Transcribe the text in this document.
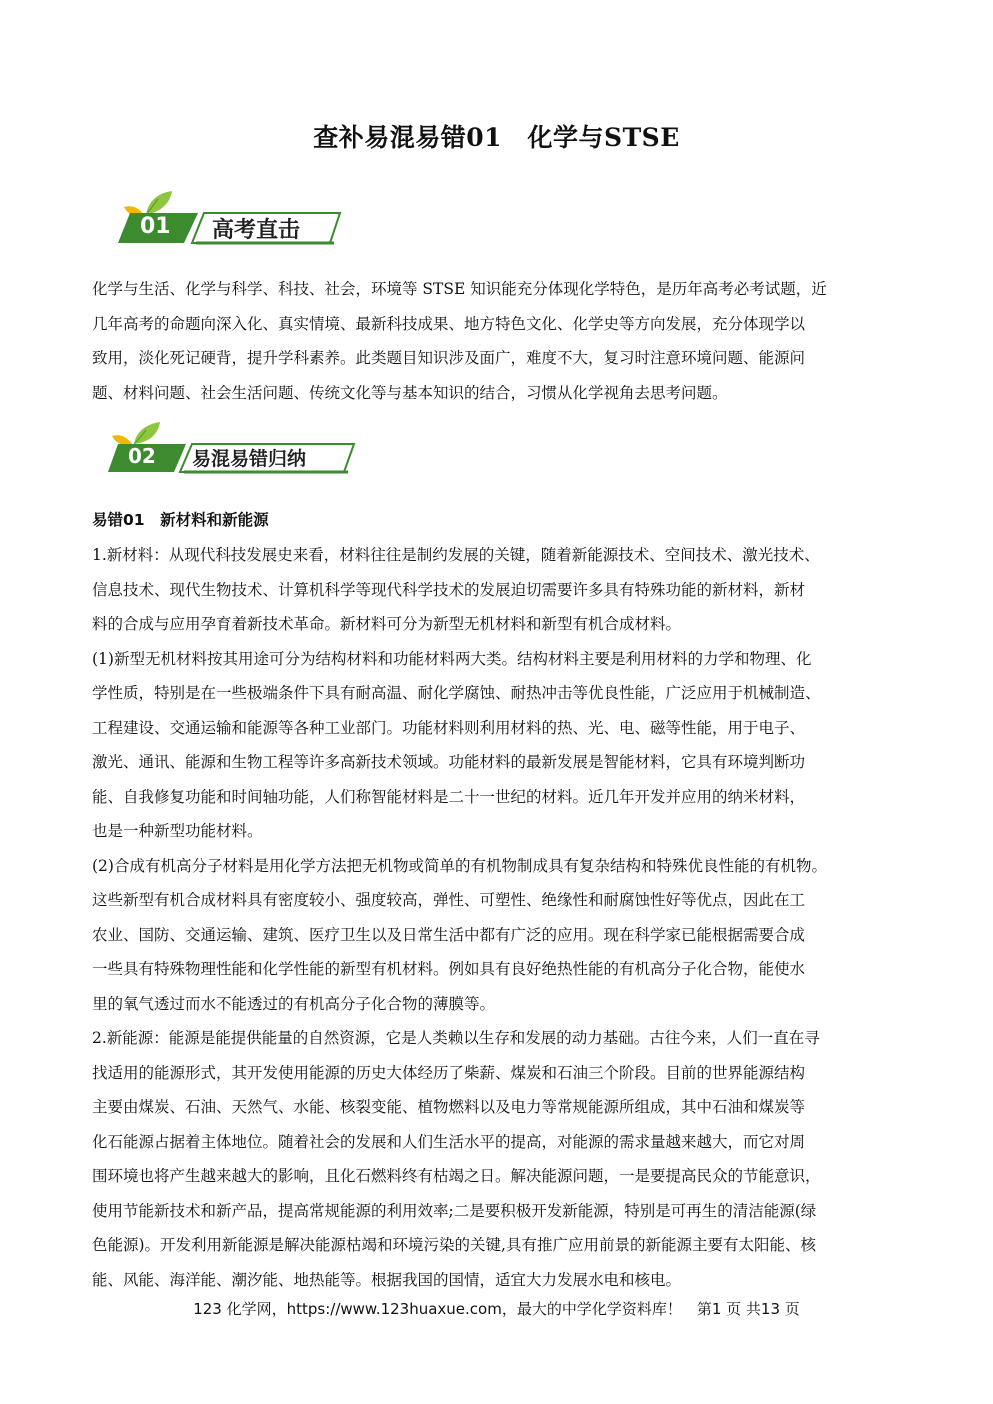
查补易混易错01　化学与STSE
01 高考直击
化学与生活、化学与科学、科技、社会，环境等 STSE 知识能充分体现化学特色，是历年高考必考试题，近
几年高考的命题向深入化、真实情境、最新科技成果、地方特色文化、化学史等方向发展，充分体现学以
致用，淡化死记硬背，提升学科素养。此类题目知识涉及面广，难度不大，复习时注意环境问题、能源问
题、材料问题、社会生活问题、传统文化等与基本知识的结合，习惯从化学视角去思考问题。
02 易混易错归纳
易错01　新材料和新能源
1.新材料：从现代科技发展史来看，材料往往是制约发展的关键，随着新能源技术、空间技术、激光技术、
信息技术、现代生物技术、计算机科学等现代科学技术的发展迫切需要许多具有特殊功能的新材料，新材
料的合成与应用孕育着新技术革命。新材料可分为新型无机材料和新型有机合成材料。
(1)新型无机材料按其用途可分为结构材料和功能材料两大类。结构材料主要是利用材料的力学和物理、化
学性质，特别是在一些极端条件下具有耐高温、耐化学腐蚀、耐热冲击等优良性能，广泛应用于机械制造、
工程建设、交通运输和能源等各种工业部门。功能材料则利用材料的热、光、电、磁等性能，用于电子、
激光、通讯、能源和生物工程等许多高新技术领域。功能材料的最新发展是智能材料，它具有环境判断功
能、自我修复功能和时间轴功能，人们称智能材料是二十一世纪的材料。近几年开发并应用的纳米材料，
也是一种新型功能材料。
(2)合成有机高分子材料是用化学方法把无机物或简单的有机物制成具有复杂结构和特殊优良性能的有机物。
这些新型有机合成材料具有密度较小、强度较高，弹性、可塑性、绝缘性和耐腐蚀性好等优点，因此在工
农业、国防、交通运输、建筑、医疗卫生以及日常生活中都有广泛的应用。现在科学家已能根据需要合成
一些具有特殊物理性能和化学性能的新型有机材料。例如具有良好绝热性能的有机高分子化合物，能使水
里的氧气透过而水不能透过的有机高分子化合物的薄膜等。
2.新能源：能源是能提供能量的自然资源，它是人类赖以生存和发展的动力基础。古往今来，人们一直在寻
找适用的能源形式，其开发使用能源的历史大体经历了柴薪、煤炭和石油三个阶段。目前的世界能源结构
主要由煤炭、石油、天然气、水能、核裂变能、植物燃料以及电力等常规能源所组成，其中石油和煤炭等
化石能源占据着主体地位。随着社会的发展和人们生活水平的提高，对能源的需求量越来越大，而它对周
围环境也将产生越来越大的影响，且化石燃料终有枯竭之日。解决能源问题，一是要提高民众的节能意识，
使用节能新技术和新产品，提高常规能源的利用效率;二是要积极开发新能源，特别是可再生的清洁能源(绿
色能源)。开发利用新能源是解决能源枯竭和环境污染的关键,具有推广应用前景的新能源主要有太阳能、核
能、风能、海洋能、潮汐能、地热能等。根据我国的国情，适宜大力发展水电和核电。
123 化学网，https://www.123huaxue.com，最大的中学化学资料库！　第1 页 共13 页
